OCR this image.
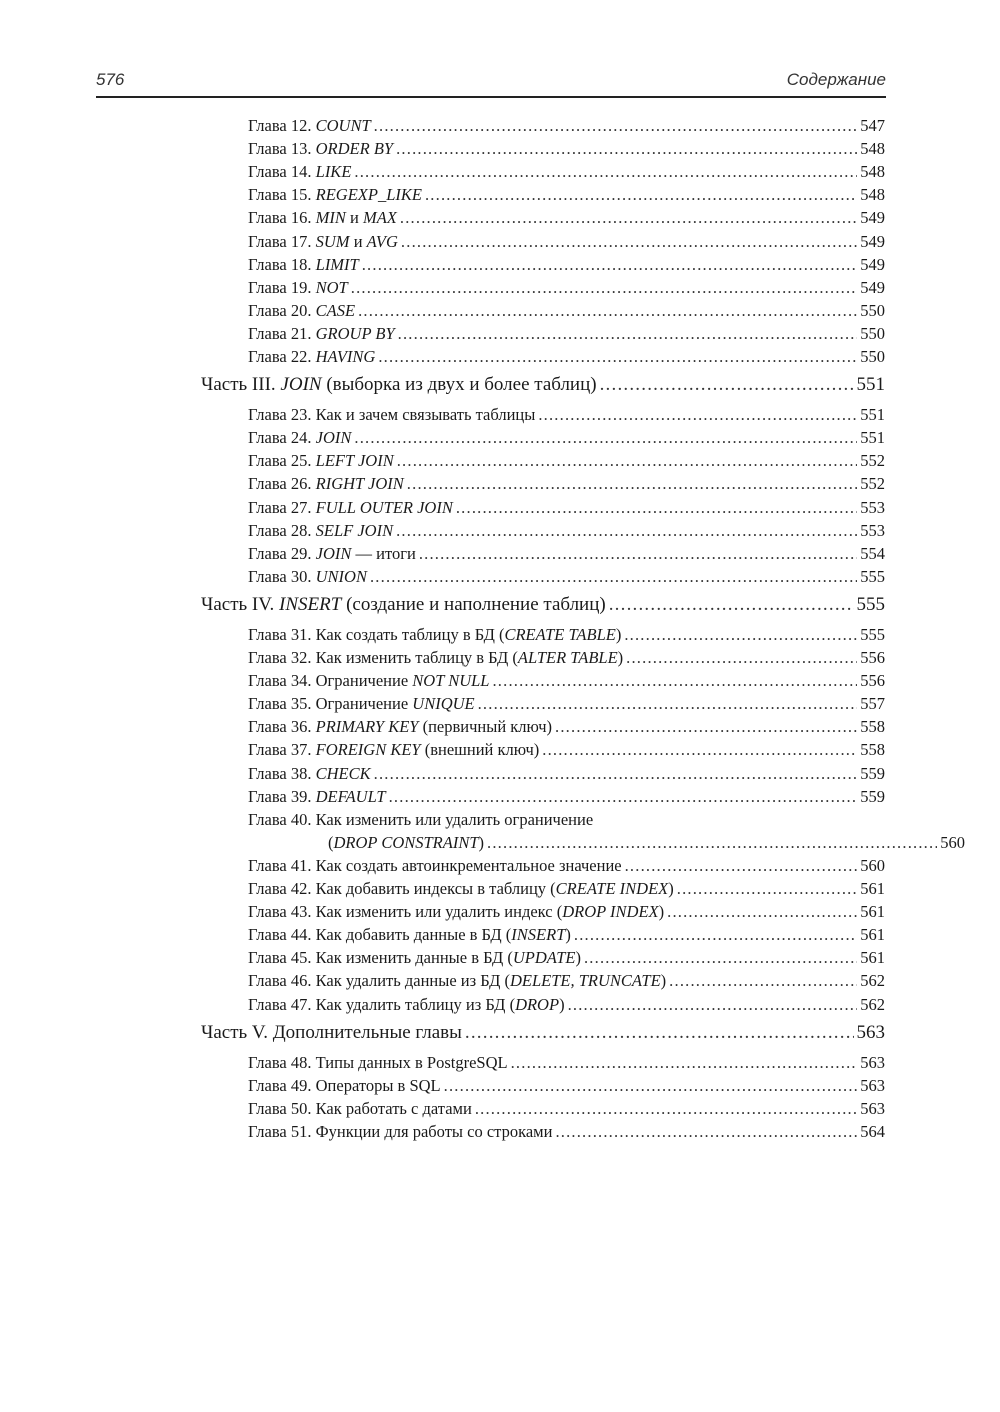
576	Содержание
Глава 12. COUNT .....	547
Глава 13. ORDER BY .....	548
Глава 14. LIKE .....	548
Глава 15. REGEXP_LIKE .....	548
Глава 16. MIN и MAX .....	549
Глава 17. SUM и AVG .....	549
Глава 18. LIMIT .....	549
Глава 19. NOT .....	549
Глава 20. CASE .....	550
Глава 21. GROUP BY .....	550
Глава 22. HAVING .....	550
Часть III. JOIN (выборка из двух и более таблиц) .....	551
Глава 23. Как и зачем связывать таблицы .....	551
Глава 24. JOIN .....	551
Глава 25. LEFT JOIN .....	552
Глава 26. RIGHT JOIN .....	552
Глава 27. FULL OUTER JOIN .....	553
Глава 28. SELF JOIN .....	553
Глава 29. JOIN — итоги .....	554
Глава 30. UNION .....	555
Часть IV. INSERT (создание и наполнение таблиц) .....	555
Глава 31. Как создать таблицу в БД (CREATE TABLE) .....	555
Глава 32. Как изменить таблицу в БД (ALTER TABLE) .....	556
Глава 34. Ограничение NOT NULL .....	556
Глава 35. Ограничение UNIQUE .....	557
Глава 36. PRIMARY KEY (первичный ключ) .....	558
Глава 37. FOREIGN KEY (внешний ключ) .....	558
Глава 38. CHECK .....	559
Глава 39. DEFAULT .....	559
Глава 40. Как изменить или удалить ограничение
(DROP CONSTRAINT) .....	560
Глава 41. Как создать автоинкрементальное значение .....	560
Глава 42. Как добавить индексы в таблицу (CREATE INDEX) .....	561
Глава 43. Как изменить или удалить индекс (DROP INDEX) .....	561
Глава 44. Как добавить данные в БД (INSERT) .....	561
Глава 45. Как изменить данные в БД (UPDATE) .....	561
Глава 46. Как удалить данные из БД (DELETE, TRUNCATE) .....	562
Глава 47. Как удалить таблицу из БД (DROP) .....	562
Часть V. Дополнительные главы .....	563
Глава 48. Типы данных в PostgreSQL .....	563
Глава 49. Операторы в SQL .....	563
Глава 50. Как работать с датами .....	563
Глава 51. Функции для работы со строками .....	564
